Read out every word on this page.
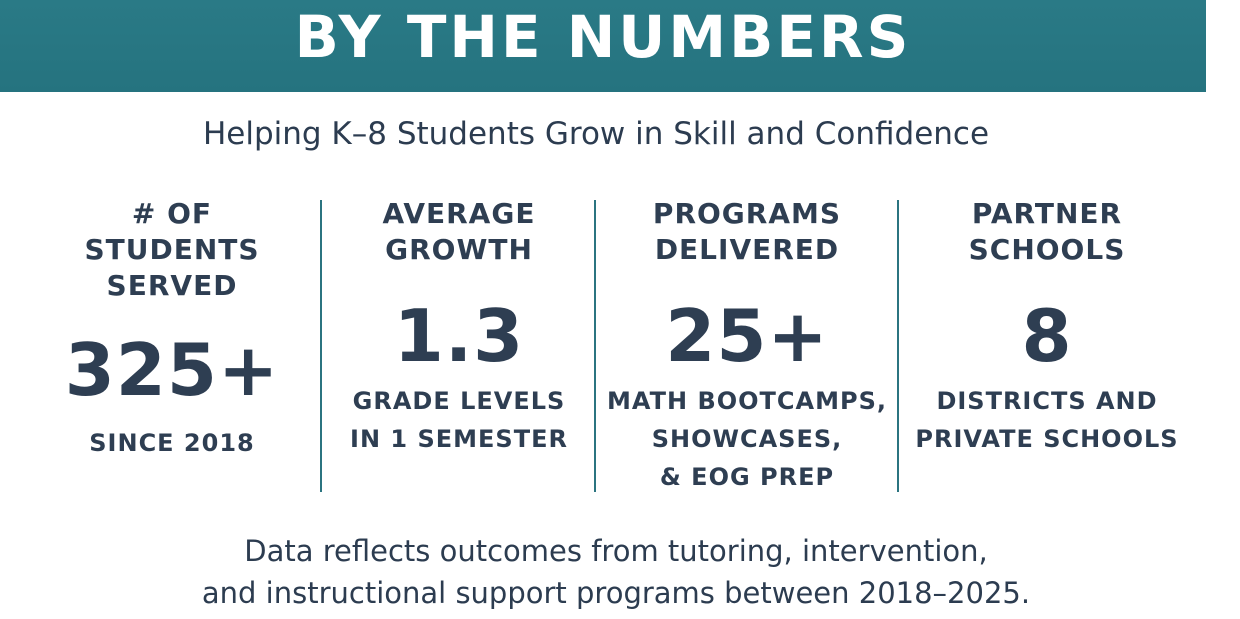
BY THE NUMBERS
Helping K–8 Students Grow in Skill and Confidence
# OF
STUDENTS
SERVED
325+
SINCE 2018
AVERAGE
GROWTH
1.3
GRADE LEVELS
IN 1 SEMESTER
PROGRAMS
DELIVERED
25+
MATH BOOTCAMPS,
SHOWCASES,
& EOG PREP
PARTNER
SCHOOLS
8
DISTRICTS AND
PRIVATE SCHOOLS
Data reflects outcomes from tutoring, intervention,
and instructional support programs between 2018–2025.
